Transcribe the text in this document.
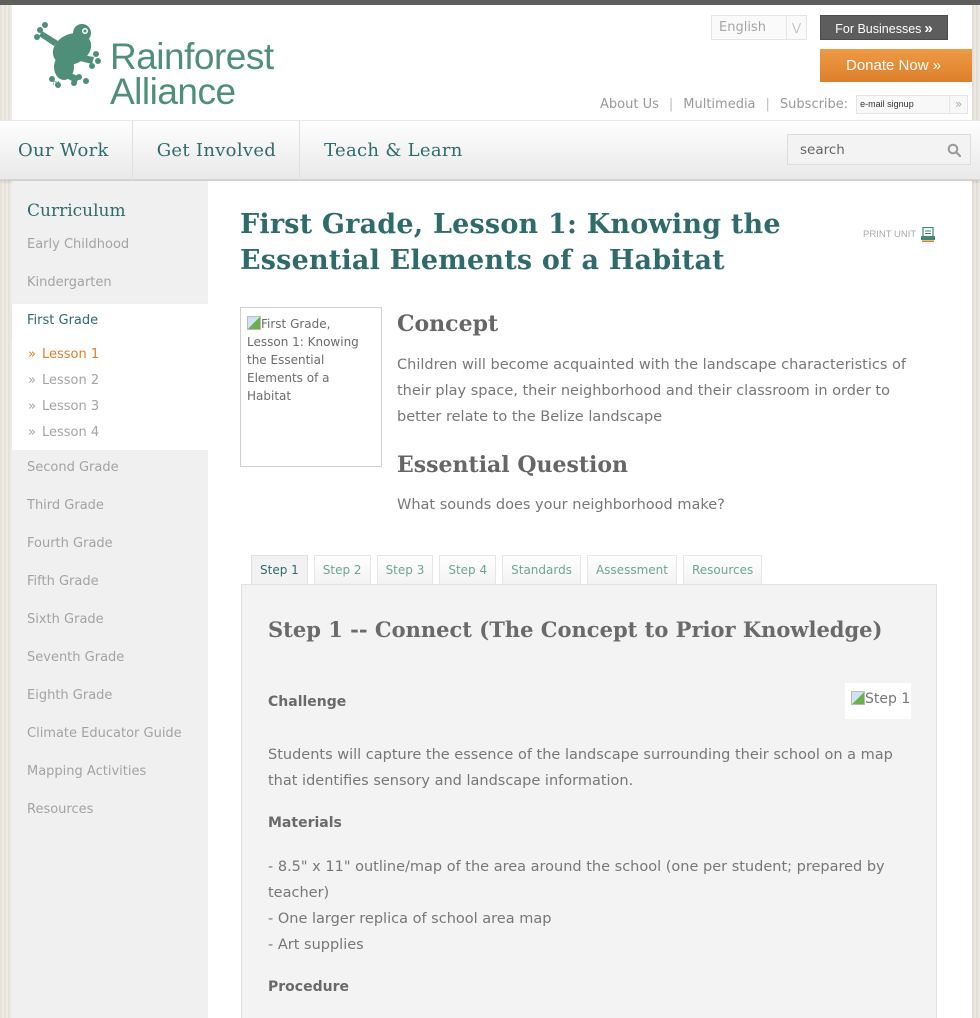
TM
Rainforest
Alliance
English	⋁	For Businesses »
Donate Now »
About Us | Multimedia | Subscribe:	e-mail signup	»
Our Work	Get Involved	Teach & Learn	search
Curriculum
Early Childhood
Kindergarten
First Grade
» Lesson 1
» Lesson 2
» Lesson 3
» Lesson 4
Second Grade
Third Grade
Fourth Grade
Fifth Grade
Sixth Grade
Seventh Grade
Eighth Grade
Climate Educator Guide
Mapping Activities
Resources
First Grade, Lesson 1: Knowing the Essential Elements of a Habitat
PRINT UNIT
First Grade, Lesson 1: Knowing the Essential Elements of a Habitat
Concept

Children will become acquainted with the landscape characteristics of their play space, their neighborhood and their classroom in order to better relate to the Belize landscape

Essential Question

What sounds does your neighborhood make?

Step 1	Step 2	Step 3	Step 4	Standards	Assessment	Resources
Step 1 -- Connect (The Concept to Prior Knowledge)
Step 1
Challenge

Students will capture the essence of the landscape surrounding their school on a map that identifies sensory and landscape information.

Materials
- 8.5" x 11" outline/map of the area around the school (one per student; prepared by teacher)
- One larger replica of school area map
- Art supplies
Procedure
